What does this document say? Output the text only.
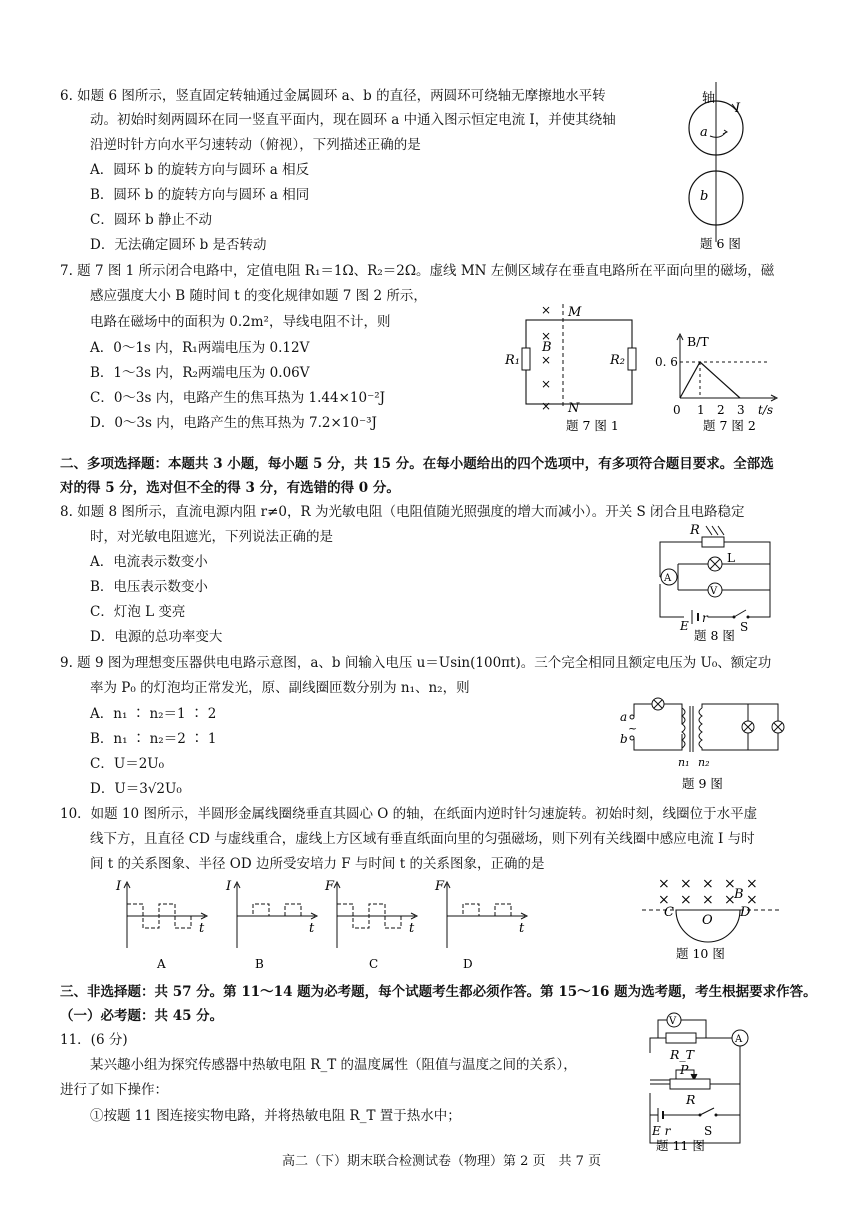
6. 如题 6 图所示，竖直固定转轴通过金属圆环 a、b 的直径，两圆环可绕轴无摩擦地水平转
动。初始时刻两圆环在同一竖直平面内，现在圆环 a 中通入图示恒定电流 I，并使其绕轴
沿逆时针方向水平匀速转动（俯视），下列描述正确的是
A．圆环 b 的旋转方向与圆环 a 相反
B．圆环 b 的旋转方向与圆环 a 相同
C．圆环 b 静止不动
D．无法确定圆环 b 是否转动
轴
I
a
b
题 6 图
7. 题 7 图 1 所示闭合电路中，定值电阻 R₁＝1Ω、R₂＝2Ω。虚线 MN 左侧区域存在垂直电路所在平面向里的磁场，磁
感应强度大小 B 随时间 t 的变化规律如题 7 图 2 所示，
电路在磁场中的面积为 0.2m²，导线电阻不计，则
A．0～1s 内，R₁两端电压为 0.12V
B．1～3s 内，R₂两端电压为 0.06V
C．0～3s 内，电路产生的焦耳热为 1.44×10⁻²J
D．0～3s 内，电路产生的焦耳热为 7.2×10⁻³J
×
×
×
×
×
B
M
N
R₁	R₂
题 7 图 1
B/T
0. 6
0 1 2 3 t/s
题 7 图 2
二、多项选择题：本题共 3 小题，每小题 5 分，共 15 分。在每小题给出的四个选项中，有多项符合题目要求。全部选
对的得 5 分，选对但不全的得 3 分，有选错的得 0 分。
8. 如题 8 图所示，直流电源内阻 r≠0，R 为光敏电阻（电阻值随光照强度的增大而减小）。开关 S 闭合且电路稳定
时，对光敏电阻遮光，下列说法正确的是
A．电流表示数变小
B．电压表示数变小
C．灯泡 L 变亮
D．电源的总功率变大
R
L
V
A
E
r
S
题 8 图
9. 题 9 图为理想变压器供电电路示意图，a、b 间输入电压 u＝Usin(100πt)。三个完全相同且额定电压为 U₀、额定功
率为 P₀ 的灯泡均正常发光，原、副线圈匝数分别为 n₁、n₂，则
A．n₁ ∶ n₂＝1 ∶ 2
B．n₁ ∶ n₂＝2 ∶ 1
C．U＝2U₀
D．U＝3√2U₀
a
b
~
n₁ n₂
题 9 图
10．如题 10 图所示，半圆形金属线圈绕垂直其圆心 O 的轴，在纸面内逆时针匀速旋转。初始时刻，线圈位于水平虚
线下方，且直径 CD 与虚线重合，虚线上方区域有垂直纸面向里的匀强磁场，则下列有关线圈中感应电流 I 与时
间 t 的关系图象、半径 OD 边所受安培力 F 与时间 t 的关系图象，正确的是
I
t
A
I
t
B
F
t
C
F
t
D
× × × × ×
× × × × ×
B
C
O
D
题 10 图
三、非选择题：共 57 分。第 11～14 题为必考题，每个试题考生都必须作答。第 15～16 题为选考题，考生根据要求作答。
（一）必考题：共 45 分。
11．(6 分)
某兴趣小组为探究传感器中热敏电阻 R_T 的温度属性（阻值与温度之间的关系），
进行了如下操作：
①按题 11 图连接实物电路，并将热敏电阻 R_T 置于热水中；
V
A
R_T
P
R
E r	S
题 11 图
高二（下）期末联合检测试卷（物理）第 2 页　共 7 页
